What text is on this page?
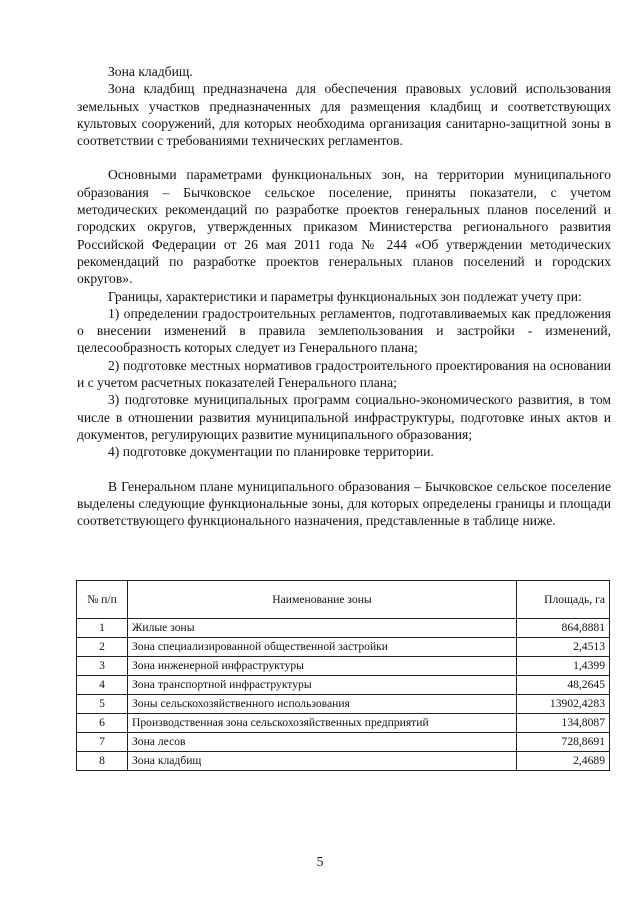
Зона кладбищ.

Зона кладбищ предназначена для обеспечения правовых условий использования земельных участков предназначенных для размещения кладбищ и соответствующих культовых сооружений, для которых необходима организация санитарно-защитной зоны в соответствии с требованиями технических регламентов.

Основными параметрами функциональных зон, на территории муниципального образования – Бычковское сельское поселение, приняты показатели, с учетом методических рекомендаций по разработке проектов генеральных планов поселений и городских округов, утвержденных приказом Министерства регионального развития Российской Федерации от 26 мая 2011 года № 244 «Об утверждении методических рекомендаций по разработке проектов генеральных планов поселений и городских округов».

Границы, характеристики и параметры функциональных зон подлежат учету при:

1) определении градостроительных регламентов, подготавливаемых как предложения о внесении изменений в правила землепользования и застройки - изменений, целесообразность которых следует из Генерального плана;

2) подготовке местных нормативов градостроительного проектирования на основании и с учетом расчетных показателей Генерального плана;

3) подготовке муниципальных программ социально-экономического развития, в том числе в отношении развития муниципальной инфраструктуры, подготовке иных актов и документов, регулирующих развитие муниципального образования;

4) подготовке документации по планировке территории.

В Генеральном плане муниципального образования – Бычковское сельское поселение выделены следующие функциональные зоны, для которых определены границы и площади соответствующего функционального назначения, представленные в таблице ниже.

№ п/п	Наименование зоны	Площадь, га
1	Жилые зоны	864,8881
2	Зона специализированной общественной застройки	2,4513
3	Зона инженерной инфраструктуры	1,4399
4	Зона транспортной инфраструктуры	48,2645
5	Зоны сельскохозяйственного использования	13902,4283
6	Производственная зона сельскохозяйственных предприятий	134,8087
7	Зона лесов	728,8691
8	Зона кладбищ	2,4689
5
